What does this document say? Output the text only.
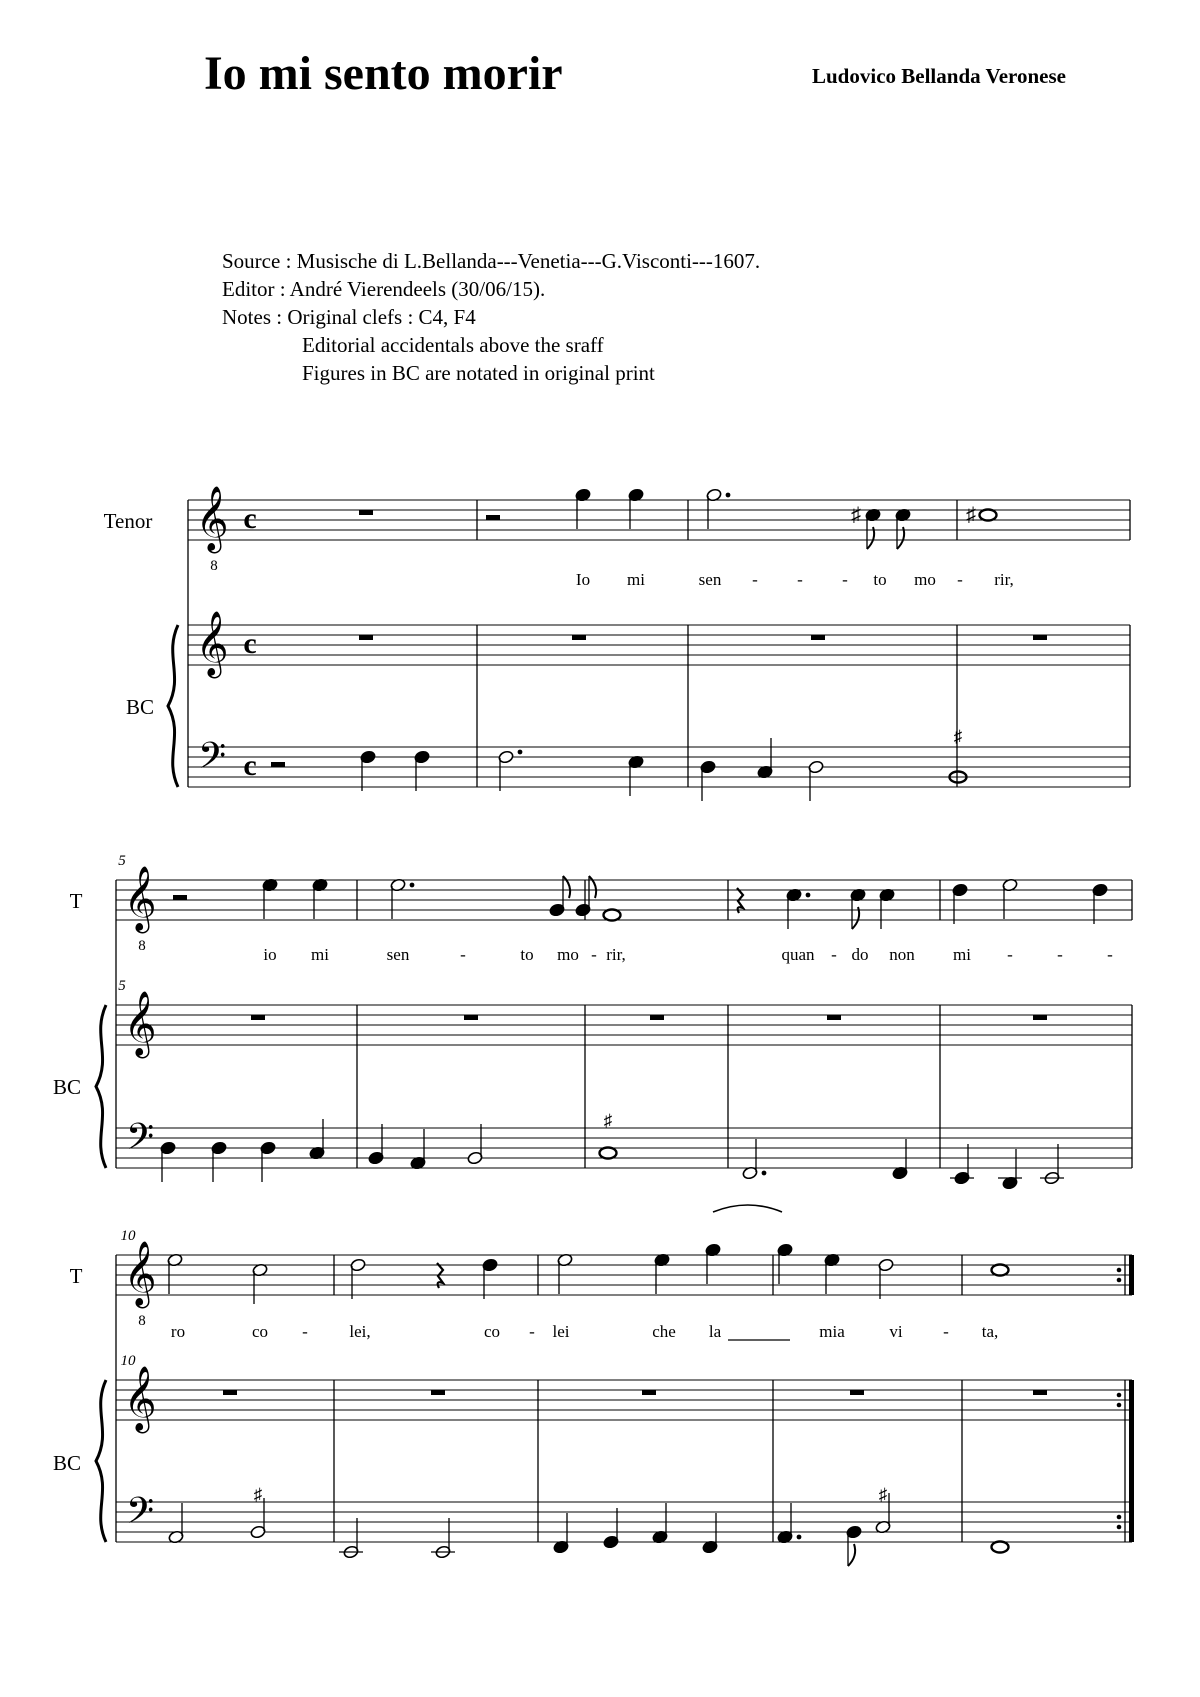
Io mi sento morir	Ludovico Bellanda Veronese
Source : Musische di L.Bellanda---Venetia---G.Visconti---1607.
Editor : André Vierendeels (30/06/15).
Notes : Original clefs : C4, F4
Editorial accidentals above the sraff
Figures in BC are notated in original print
Tenor
BC
𝄞
8
𝄞
𝄢
c
c
c
♯	♯
Io mi	sen - - - to mo - rir,
♯
5
5
T
BC
𝄞
8
𝄞
𝄢
io mi	sen	-	to mo - rir,	quan - do non mi -	-	-
♯
10
10
T
BC
𝄞
8
𝄞
𝄢
ro	co - lei,	co - lei	che la	mia	vi - ta,
♯	♯
